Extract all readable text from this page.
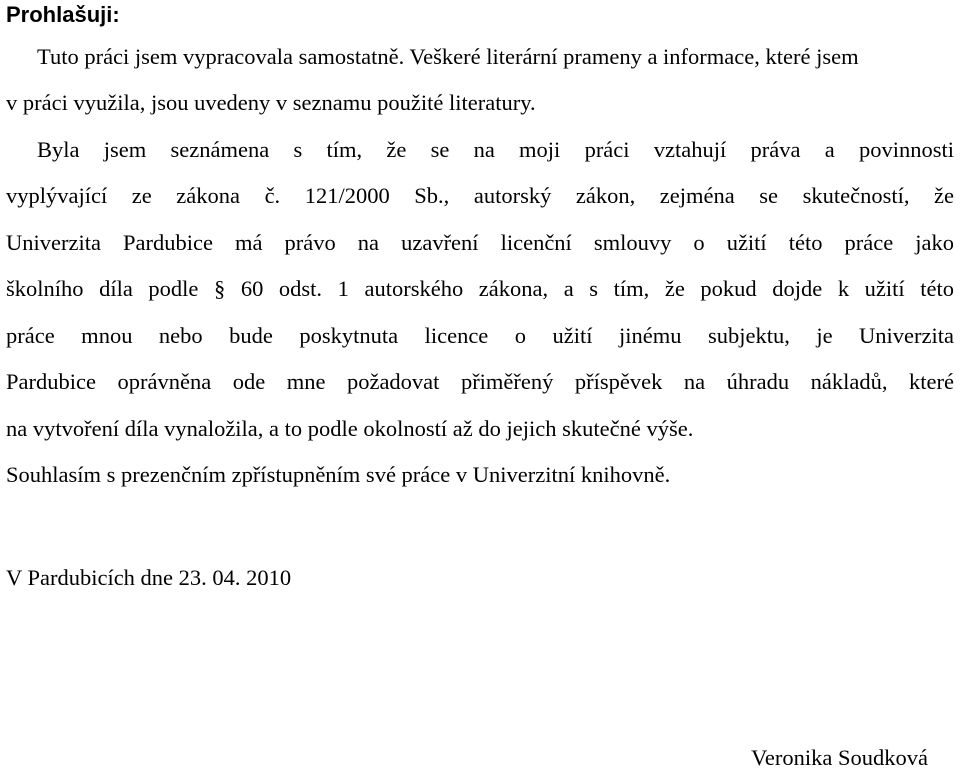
Prohlašuji:
Tuto práci jsem vypracovala samostatně. Veškeré literární prameny a informace, které jsem
v práci využila, jsou uvedeny v seznamu použité literatury.
Byla jsem seznámena s tím, že se na moji práci vztahují práva a povinnosti
vyplývající ze zákona č. 121/2000 Sb., autorský zákon, zejména se skutečností, že
Univerzita Pardubice má právo na uzavření licenční smlouvy o užití této práce jako
školního díla podle § 60 odst. 1 autorského zákona, a s tím, že pokud dojde k užití této
práce mnou nebo bude poskytnuta licence o užití jinému subjektu, je Univerzita
Pardubice oprávněna ode mne požadovat přiměřený příspěvek na úhradu nákladů, které
na vytvoření díla vynaložila, a to podle okolností až do jejich skutečné výše.
Souhlasím s prezenčním zpřístupněním své práce v Univerzitní knihovně.
V Pardubicích dne 23. 04. 2010
Veronika Soudková
